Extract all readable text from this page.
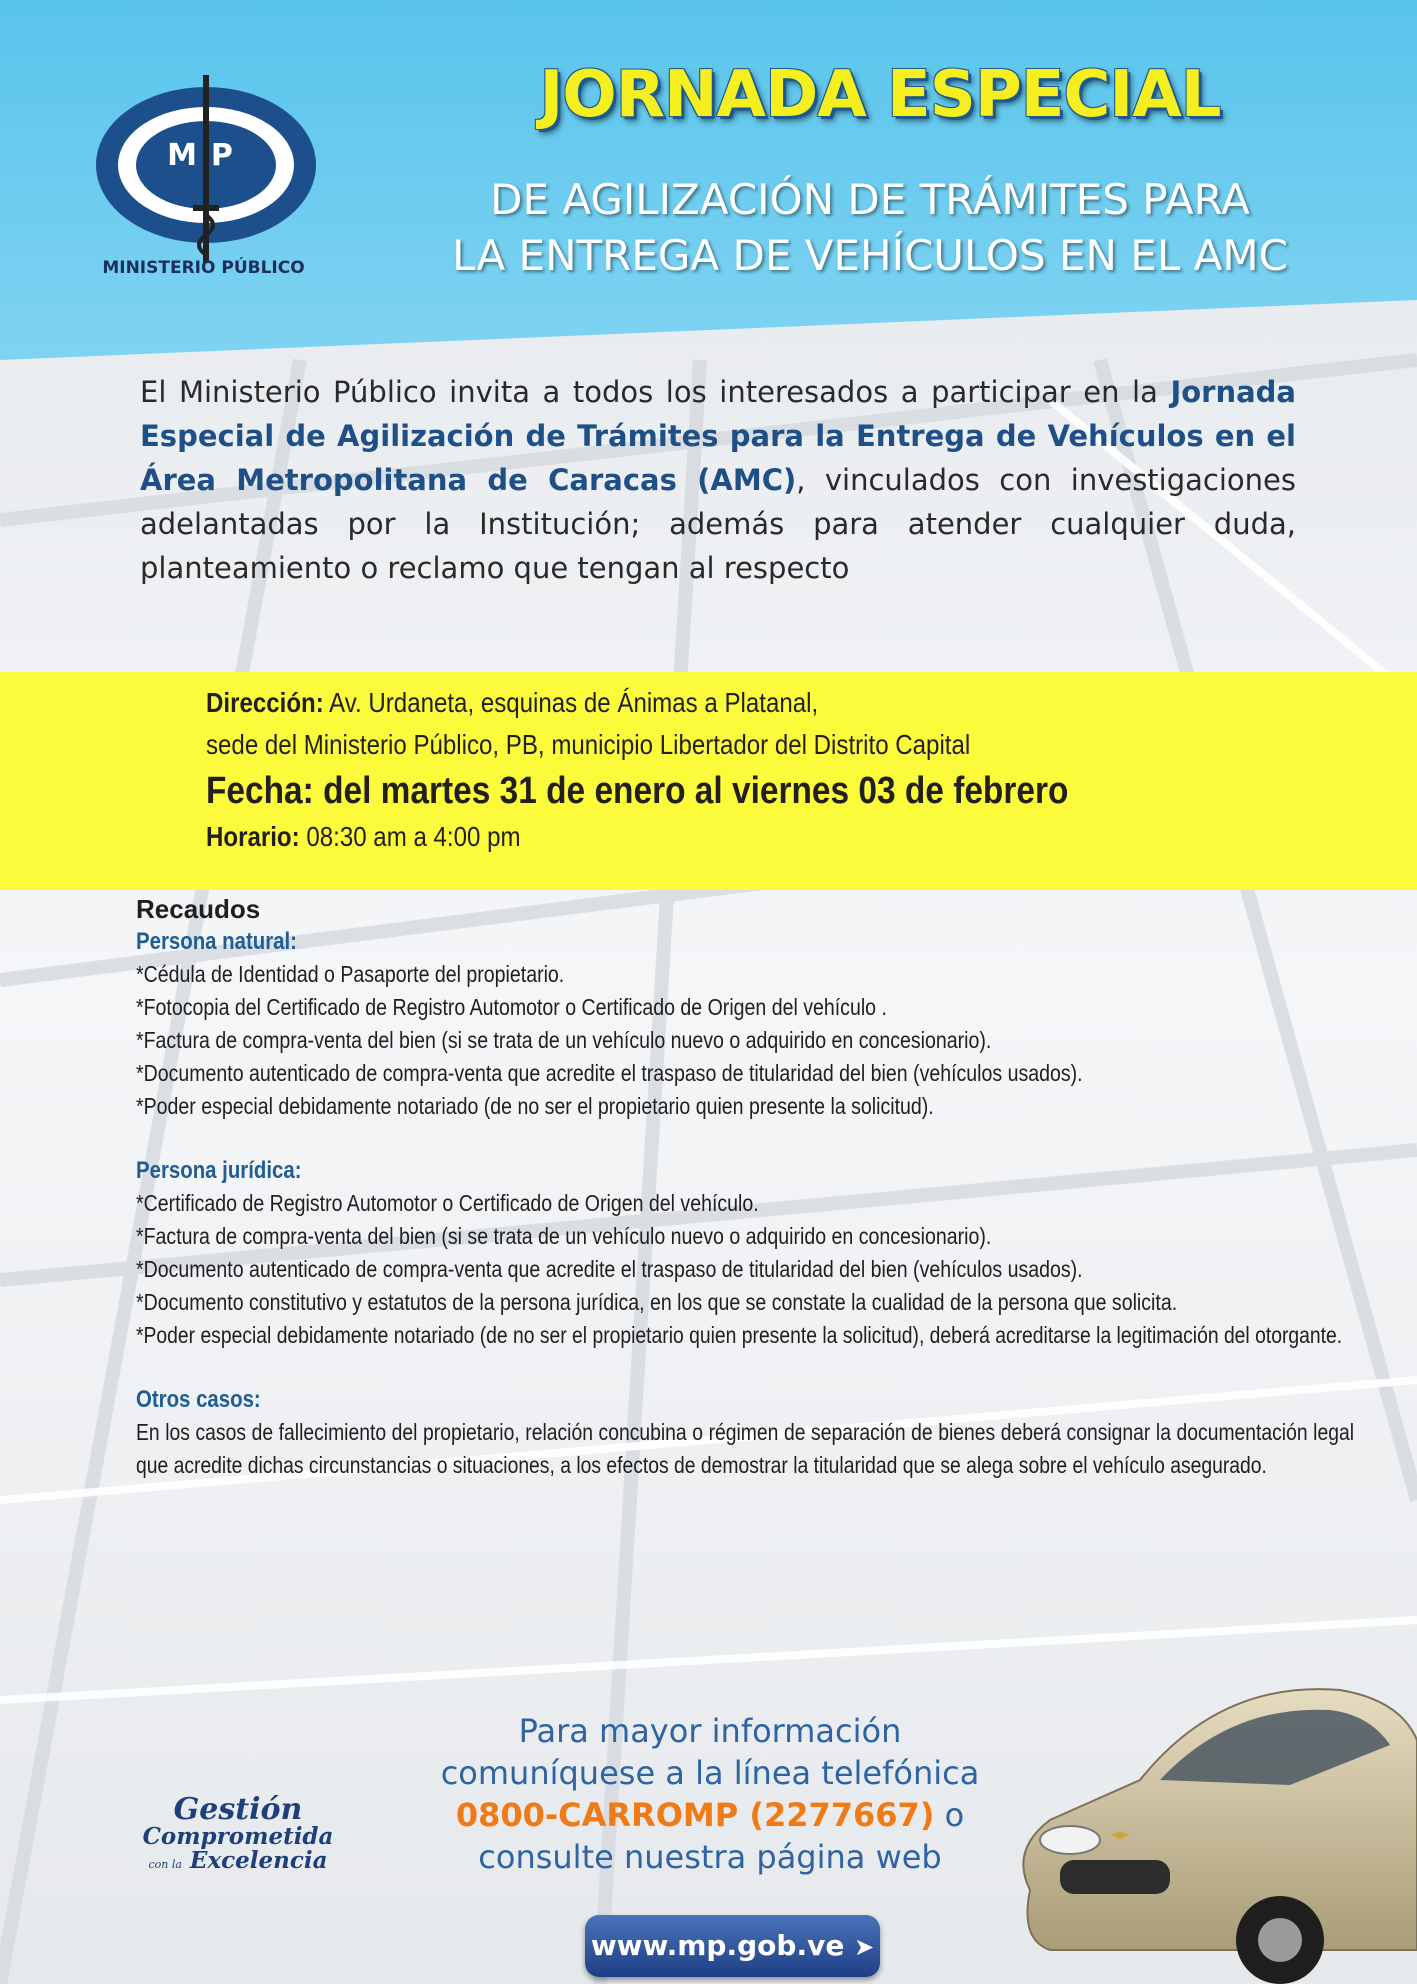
MP
MINISTERIO PÚBLICO
JORNADA ESPECIAL
DE AGILIZACIÓN DE TRÁMITES PARA
LA ENTREGA DE VEHÍCULOS EN EL AMC
El Ministerio Público invita a todos los interesados a participar en la Jornada Especial de Agilización de Trámites para la Entrega de Vehículos en el Área Metropolitana de Caracas (AMC), vinculados con investigaciones adelantadas por la Institución; además para atender cualquier duda, planteamiento o reclamo que tengan al respecto
Dirección: Av. Urdaneta, esquinas de Ánimas a Platanal,
sede del Ministerio Público, PB, municipio Libertador del Distrito Capital
Fecha: del martes 31 de enero al viernes 03 de febrero
Horario: 08:30 am a 4:00 pm
Recaudos
Persona natural:
*Cédula de Identidad o Pasaporte del propietario.
*Fotocopia del Certificado de Registro Automotor o Certificado de Origen del vehículo .
*Factura de compra-venta del bien (si se trata de un vehículo nuevo o adquirido en concesionario).
*Documento autenticado de compra-venta que acredite el traspaso de titularidad del bien (vehículos usados).
*Poder especial debidamente notariado (de no ser el propietario quien presente la solicitud).
Persona jurídica:
*Certificado de Registro Automotor o Certificado de Origen del vehículo.
*Factura de compra-venta del bien (si se trata de un vehículo nuevo o adquirido en concesionario).
*Documento autenticado de compra-venta que acredite el traspaso de titularidad del bien (vehículos usados).
*Documento constitutivo y estatutos de la persona jurídica, en los que se constate la cualidad de la persona que solicita.
*Poder especial debidamente notariado (de no ser el propietario quien presente la solicitud), deberá acreditarse la legitimación del otorgante.
Otros casos:
En los casos de fallecimiento del propietario, relación concubina o régimen de separación de bienes deberá consignar la documentación legal que acredite dichas circunstancias o situaciones, a los efectos de demostrar la titularidad que se alega sobre el vehículo asegurado.
Gestión
Comprometida
con la Excelencia
Para mayor información
comuníquese a la línea telefónica
0800-CARROMP (2277667) o
consulte nuestra página web
www.mp.gob.ve ➤
